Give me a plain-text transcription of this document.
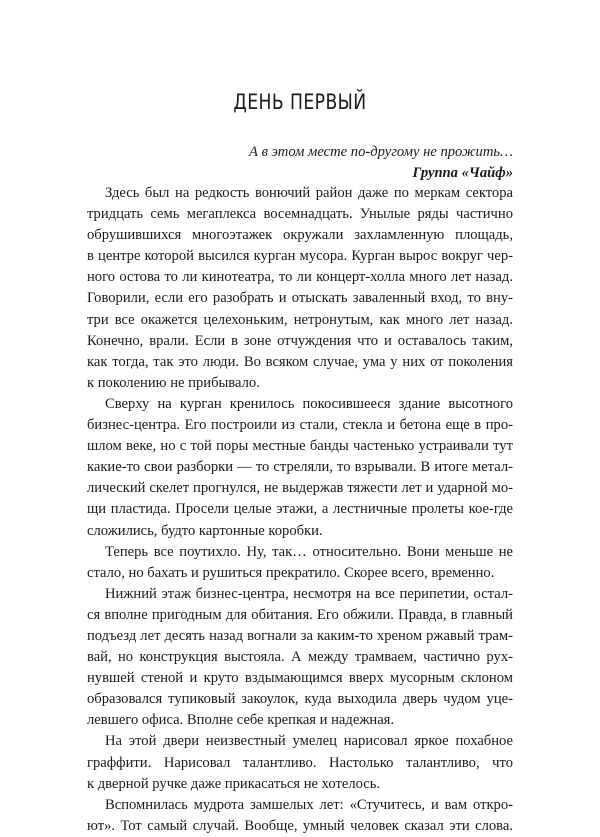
ДЕНЬ ПЕРВЫЙ
А в этом месте по-другому не прожить…
Группа «Чайф»
Здесь был на редкость вонючий район даже по меркам сектора
тридцать семь мегаплекса восемнадцать. Унылые ряды частично
обрушившихся многоэтажек окружали захламленную площадь,
в центре которой высился курган мусора. Курган вырос вокруг чер-
ного остова то ли кинотеатра, то ли концерт-холла много лет назад.
Говорили, если его разобрать и отыскать заваленный вход, то вну-
три все окажется целехоньким, нетронутым, как много лет назад.
Конечно, врали. Если в зоне отчуждения что и оставалось таким,
как тогда, так это люди. Во всяком случае, ума у них от поколения
к поколению не прибывало.
Сверху на курган кренилось покосившееся здание высотного
бизнес-центра. Его построили из стали, стекла и бетона еще в про-
шлом веке, но с той поры местные банды частенько устраивали тут
какие-то свои разборки — то стреляли, то взрывали. В итоге метал-
лический скелет прогнулся, не выдержав тяжести лет и ударной мо-
щи пластида. Просели целые этажи, а лестничные пролеты кое-где
сложились, будто картонные коробки.
Теперь все поутихло. Ну, так… относительно. Вони меньше не
стало, но бахать и рушиться прекратило. Скорее всего, временно.
Нижний этаж бизнес-центра, несмотря на все перипетии, остал-
ся вполне пригодным для обитания. Его обжили. Правда, в главный
подъезд лет десять назад вогнали за каким-то хреном ржавый трам-
вай, но конструкция выстояла. А между трамваем, частично рух-
нувшей стеной и круто вздымающимся вверх мусорным склоном
образовался тупиковый закоулок, куда выходила дверь чудом уце-
левшего офиса. Вполне себе крепкая и надежная.
На этой двери неизвестный умелец нарисовал яркое похабное
граффити. Нарисовал талантливо. Настолько талантливо, что
к дверной ручке даже прикасаться не хотелось.
Вспомнилась мудрота замшелых лет: «Стучитесь, и вам откро-
ют». Тот самый случай. Вообще, умный человек сказал эти слова.
